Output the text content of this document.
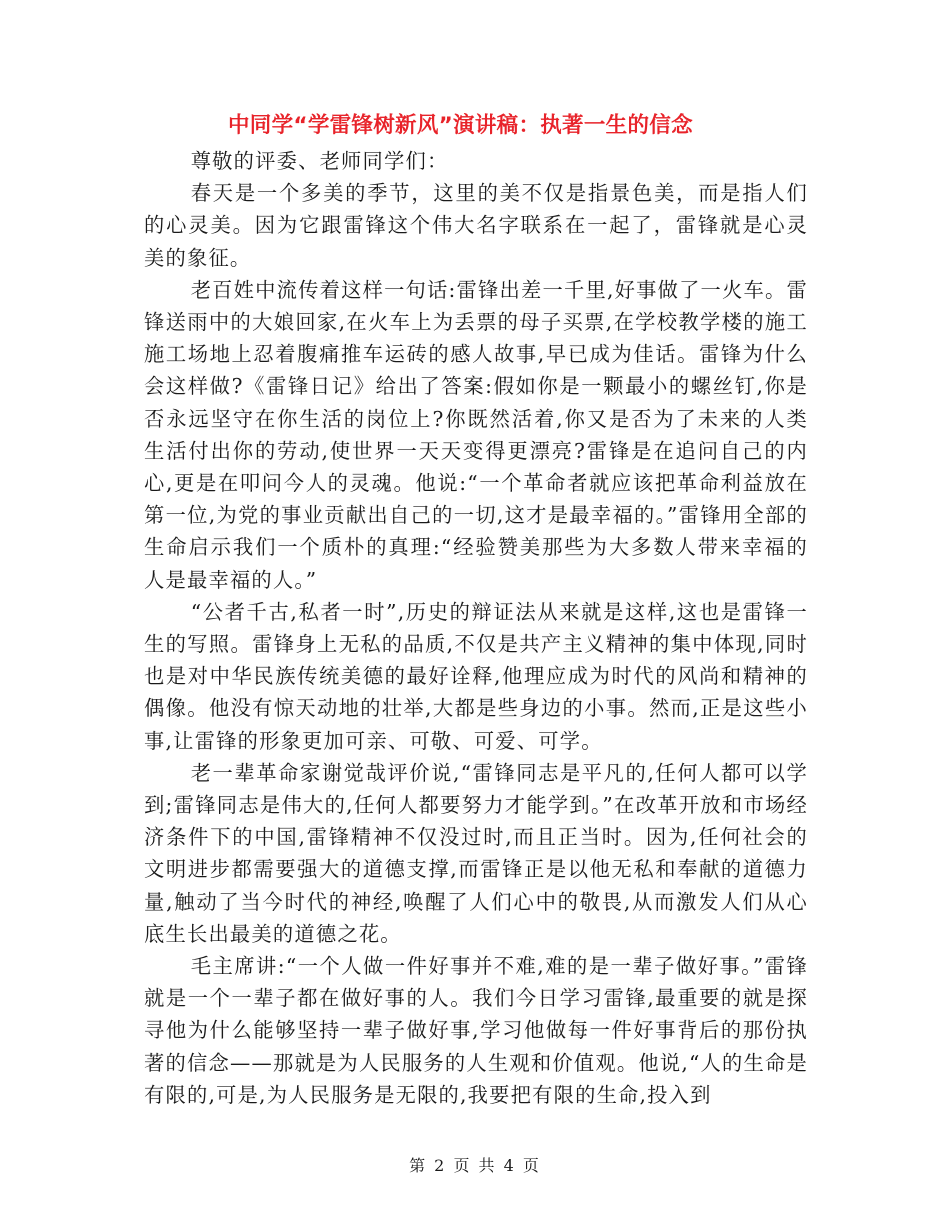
中同学“学雷锋树新风”演讲稿：执著一生的信念

尊敬的评委、老师同学们：

春天是一个多美的季节，这里的美不仅是指景色美，而是指人们的心灵美。因为它跟雷锋这个伟大名字联系在一起了，雷锋就是心灵美的象征。

老百姓中流传着这样一句话:雷锋出差一千里,好事做了一火车。雷锋送雨中的大娘回家,在火车上为丢票的母子买票,在学校教学楼的施工施工场地上忍着腹痛推车运砖的感人故事,早已成为佳话。雷锋为什么会这样做?《雷锋日记》给出了答案:假如你是一颗最小的螺丝钉,你是否永远坚守在你生活的岗位上?你既然活着,你又是否为了未来的人类生活付出你的劳动,使世界一天天变得更漂亮?雷锋是在追问自己的内心,更是在叩问今人的灵魂。他说:“一个革命者就应该把革命利益放在第一位,为党的事业贡献出自己的一切,这才是最幸福的。”雷锋用全部的生命启示我们一个质朴的真理:“经验赞美那些为大多数人带来幸福的人是最幸福的人。”

“公者千古,私者一时”,历史的辩证法从来就是这样,这也是雷锋一生的写照。雷锋身上无私的品质,不仅是共产主义精神的集中体现,同时也是对中华民族传统美德的最好诠释,他理应成为时代的风尚和精神的偶像。他没有惊天动地的壮举,大都是些身边的小事。然而,正是这些小事,让雷锋的形象更加可亲、可敬、可爱、可学。

老一辈革命家谢觉哉评价说,“雷锋同志是平凡的,任何人都可以学到;雷锋同志是伟大的,任何人都要努力才能学到。”在改革开放和市场经济条件下的中国,雷锋精神不仅没过时,而且正当时。因为,任何社会的文明进步都需要强大的道德支撑,而雷锋正是以他无私和奉献的道德力量,触动了当今时代的神经,唤醒了人们心中的敬畏,从而激发人们从心底生长出最美的道德之花。

毛主席讲:“一个人做一件好事并不难,难的是一辈子做好事。”雷锋就是一个一辈子都在做好事的人。我们今日学习雷锋,最重要的就是探寻他为什么能够坚持一辈子做好事,学习他做每一件好事背后的那份执著的信念——那就是为人民服务的人生观和价值观。他说,“人的生命是有限的,可是,为人民服务是无限的,我要把有限的生命,投入到

第 2 页 共 4 页
